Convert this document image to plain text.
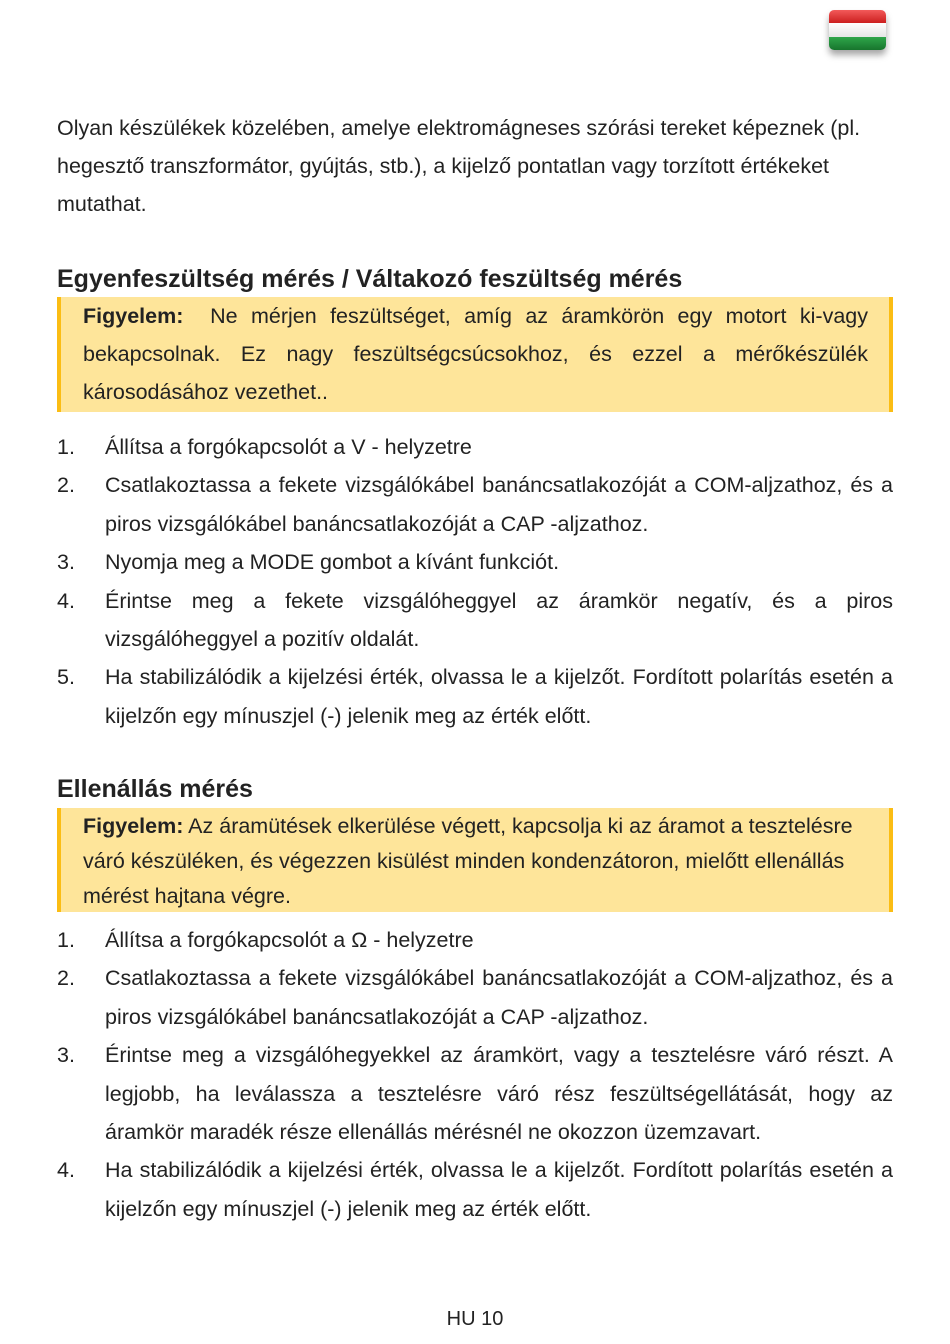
Olyan készülékek közelében, amelye elektromágneses szórási tereket képeznek (pl. hegesztő transzformátor, gyújtás, stb.), a kijelző pontatlan vagy torzított értékeket mutathat.

Egyenfeszültség mérés / Váltakozó feszültség mérés
Figyelem: Ne mérjen feszültséget, amíg az áramkörön egy motort ki-vagy bekapcsolnak. Ez nagy feszültségcsúcsokhoz, és ezzel a mérőkészülék károsodásához vezethet..
1. Állítsa a forgókapcsolót a V - helyzetre
2. Csatlakoztassa a fekete vizsgálókábel banáncsatlakozóját a COM-aljzathoz, és a piros vizsgálókábel banáncsatlakozóját a CAP -aljzathoz.
3. Nyomja meg a MODE gombot a kívánt funkciót.
4. Érintse meg a fekete vizsgálóheggyel az áramkör negatív, és a piros vizsgálóheggyel a pozitív oldalát.
5. Ha stabilizálódik a kijelzési érték, olvassa le a kijelzőt. Fordított polarítás esetén a kijelzőn egy mínuszjel (-) jelenik meg az érték előtt.
Ellenállás mérés
Figyelem: Az áramütések elkerülése végett, kapcsolja ki az áramot a tesztelésre váró készüléken, és végezzen kisülést minden kondenzátoron, mielőtt ellenállás mérést hajtana végre.
1. Állítsa a forgókapcsolót a Ω - helyzetre
2. Csatlakoztassa a fekete vizsgálókábel banáncsatlakozóját a COM-aljzathoz, és a piros vizsgálókábel banáncsatlakozóját a CAP -aljzathoz.
3. Érintse meg a vizsgálóhegyekkel az áramkört, vagy a tesztelésre váró részt. A legjobb, ha leválassza a tesztelésre váró rész feszültségellátását, hogy az áramkör maradék része ellenállás mérésnél ne okozzon üzemzavart.
4. Ha stabilizálódik a kijelzési érték, olvassa le a kijelzőt. Fordított polarítás esetén a kijelzőn egy mínuszjel (-) jelenik meg az érték előtt.
HU 10
